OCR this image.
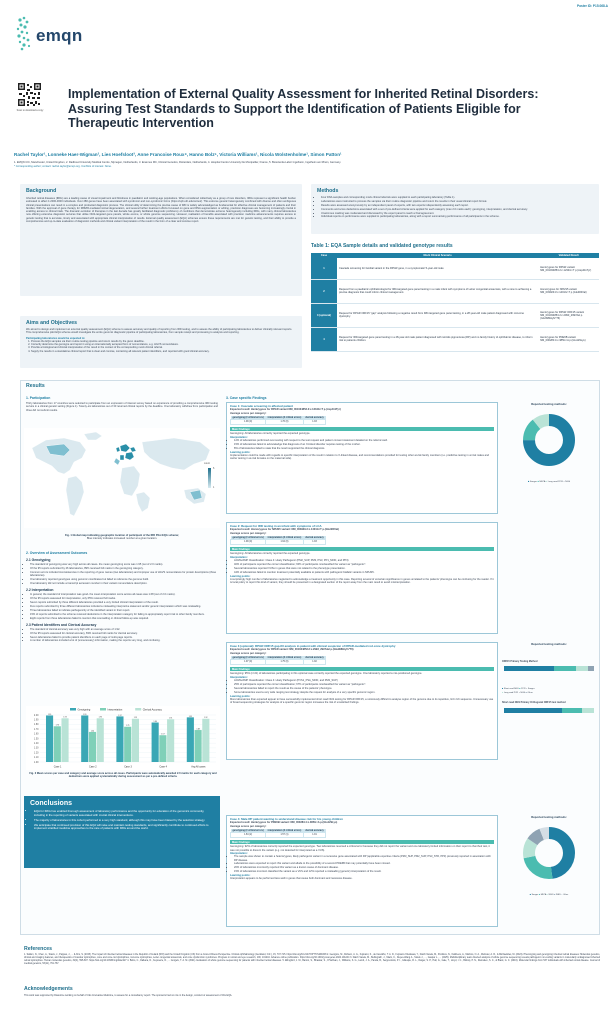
Poster ID: P15.068.A
emqn
Scan to download a copy
Implementation of External Quality Assessment for Inherited Retinal Disorders: Assuring Test Standards to Support the Identification of Patients Eligible for Therapeutic Intervention
Rachel Taylor¹, Lonneke Haer-Wigman², Lies Hoefsloot³, Anne Francoise Roux⁴, Hanno Bolz⁵, Victoria Williams¹, Nicola Wolstenholme¹, Simon Patton¹
1. EMQN CIC, Manchester, United Kingdom, 2. Radboud University Medical Centre, Nijmegen, Netherlands, 3. Erasmus MC, Clinical Genetics, Rotterdam, Netherlands, 4. Hospital Centre University De Montpellier, France, 5. Bioscientia Labor Ingelheim, Ingelheim am Rhein, Germany.
* Corresponding author; contact: rachel.taylor@emqn.org. Conflicts of interest: None.
Background
Inherited retinal diseases (IRDs) are a leading cause of visual impairment and blindness in paediatric and working-age populations. When considered collectively as a group of rare disorders, IRDs represent a significant health burden estimated to affect 1:2000-3000 individuals. Over 280 genes have been associated with syndromic and non-syndromic forms (https://sph.uth.edu/retnet/). This extreme genetic heterogeneity combined with diverse and often ambiguous clinical presentations can result in a complex and protracted diagnostic process. The clinical utility of determining the precise cause of IRD is widely acknowledged as fundamental for effective clinical management of patients and their families. With the approval of gene therapy for RPE65-mediated retinal degeneration, and several further treatment efforts focussed on gene and RNA augmentation or editing, precision diagnoses are becoming increasingly crucial in enabling access to clinical trials. The dramatic evolution of therapies in the last decade has greatly facilitated diagnostic proficiency of conditions that demonstrate extreme heterogeneity including IRDs, with many clinical laboratories now offering extensive diagnostic services that utilise NGS-targeted gene panels, whole exome, or whole genome sequencing. However, realisation of benefits associated with precision medicine advancements requires access to genetic testing that is accurate, timely and associated with appropriate clinical interpretation of results. External quality assessment (EQA) schemes ensure these requirements are met for genetic testing, and their ability to provide a comprehensive and up-to-date evaluation of diagnostic methods and clinical variant interpretation of the result in the form of a clear and concise report.
Aims and Objectives
We aimed to design and implement an external quality assessment (EQA) scheme to assess accuracy and quality of reporting from IRD testing, and to assess the ability of participating laboratories to deliver clinically relevant reports. This comprehensive pilot EQA scheme would investigate the entire genomic diagnostic pipeline of participating laboratories, from sample receipt and processing to analysis and reporting.
Participating laboratories would be expected to:
1. Process the EQA samples via their routine testing pipeline and return results by the given deadline.
2. Correctly determine the genotype and report it using an internationally accepted form of nomenclature, e.g. HGVS nomenclature.
3. Provide a biological and clinical interpretation of the result in the context of the corresponding mock clinical referral.
4. Supply the results in a standalone clinical report that is clear and concise, containing all relevant patient identifiers, and reported with good clinical accuracy.
Methods
• Four DNA samples and corresponding mock clinical referrals were supplied to each participating laboratory (Table 1).
• Laboratories were instructed to process the samples via their routine diagnostic pipeline and return the results in their usual clinical report format.
• Results were assessed anonymously by an independent panel of experts, with two experts independently assessing each report.
• Comments and score deductions associated with a set of pre-defined criteria were applied for each category (max 2.0 marks each): genotyping, interpretation, and clerical accuracy.
• Unanimous marking was moderated and discussed by the expert panel to reach a final agreement.
• Individual reports on performance were supplied to participating laboratories, along with a report summarising performance of all participants in the scheme.
Table 1: EQA Sample details and validated genotype results
Case	Mock Clinical Scenario	Validated Result
1	Cascade screening for familial variant in the RPGR gene, in a symptomatic 5-year-old male	Hemizygous for RPGR variant
NM_001034853.2:c.1234G>T p.(Asp411Tyr)
2	Request from a paediatric ophthalmologist for IRD-targeted gene panel testing in a male infant with symptoms of Leber congenital amaurosis, with a view to achieving a precise diagnosis that could inform clinical management.	Homozygous for NPHS5 variant
NM_003929.3:c.1401G>T p.(Glu484Val)
3 (optional)	Request for RPGR ORF15 "gap" analysis following a negative result from IRD-targeted gene panel testing, in a 28-year-old male patient diagnosed with rod-cone dystrophy.	Hemizygous for RPGR ORF15 variant
NM_001034853.2:c.2993_2997del p.(Glu998Glyfs*76)
4	Request for IRD-targeted gene panel testing in a 48-year-old male patient diagnosed with retinitis pigmentosa (RP) and no family history of ophthalmic disease, to inform risk to patients children.	Hemizygous for PDE6B variant
NM_000283.4:c.385G>A p.(Glu129Lys)
Results
1. Participation
Thirty laboratories from 17 countries were selected to participate from an expression of interest survey based on experience of providing a comprehensive IRD testing service in a clinical genetic setting (Figure 1). Twenty-six laboratories out of 30 returned clinical reports by the deadline. One laboratory withdrew from participation and three did not submit results.
count
6
1
Fig. 1 Global map indicating geographic location of participant of the IRD Pilot EQA scheme;
Blue intensity indicates increased number at a given location.
2. Overview of Assessment Outcomes
2.1 Genotyping
• The standard of genotyping was very high across all cases- the mean genotyping score was 1.95 (out of 2.0 marks).
• Of the 95 reports submitted by 26 laboratories, 89% received full marks in the genotyping category.
• Common errors included inconsistencies in the reporting of gene names (two laboratories) and improper use of HGVS nomenclature for protein descriptions (three laboratories).
• One laboratory reported genotypes using genomic coordinates but failed to reference the genome build.
• One laboratory did not include a transcript accession number in their variant nomenclature description.
2.2 Interpretation
• In general, the standard of interpretation was good- the mean interpretation score across all cases was 1.68 (out of 2.0 marks).
• Of the 95 reports assessed for interpretation, only 65% received full marks.
• Seven reports submitted by three different laboratories provided a very limited clinical interpretation of the result.
• Five reports submitted by three different laboratories included a misleading interpretive statement and/or generic interpretation which was misleading.
• Three laboratories failed to indicate pathogenicity of the identified variant in their report.
• 15% of reports submitted to the scheme received deductions in the interpretation category for failing to appropriately report risk to other family members.
• Eight reports from three laboratories failed to mention that counselling or clinical follow-up was required.
2.3 Patient Identifiers and Clerical Accuracy
• The standard of clerical accuracy was very high with an average score of 1.92.
• Of the 95 reports assessed for clerical accuracy, 83% received full marks for clerical accuracy.
• Seven laboratories failed to provide patient identifiers on each page of multi-page reports.
• A number of laboratories included a lot of (unnecessary) information, making the reports very long, and confusing.
2.00
1.90
1.80
1.70
1.60
1.50
1.40
1.30
1.20
1.10
1.00
Genotyping	Interpretation	Clerical Accuracy
1.99
1.76
1.93
Case 1
1.99
1.64
1.93
Case 2
1.97
1.75
1.92
Case 3
1.84
1.57
1.91
Case 4
1.95
1.68
1.92
Avg All cases
Fig. 2 Mean scores per case and category and average score across all cases. Participants were automatically awarded 2.0 marks for each category and deductions were applied systematically during assessment as per a pre-defined criteria.
Conclusions
• EQA for IRDs has enabled thorough assessment of laboratory performance and the opportunity for education of the genomics community, including in the reporting of variants associated with crucial clinical interventions.
• The majority of laboratories in this cohort performed to a very high standard, although this may have been biased by the selection strategy.
• We anticipate that continued provision of this EQA will raise and maintain testing standards, and significantly contribute to continued efforts to implement stratified medicine approaches to the care of patients with IRDs around the world.
3. Case specific Findings
Case 1: Cascade screening in affected patient
Expected result: Hemizygous for RPGR variant NM_001034853.2:c.1234G>T p.(Asp411Tyr)
Average scores per category:
genotyping (# critical errors)	interpretation (# critical errors)	clerical accuracy
1.99 (0)	1.76 (0)	1.93
Main Findings:
Genotyping: All laboratories correctly reported the expected genotype.
Interpretation:
• 12% of laboratories performed over-testing with respect to the test request and patient consent statement detailed on the referral card.
• 15% of laboratories failed to acknowledge that diagnosis of an X-linked disorder requires testing of the mother.
• 8% of laboratories failed to state that the result supported the clinical diagnosis.
Learning points:
Implementation could be made with regards to specific interpretation of the result in relation to X-linked disease, and recommendations provided for testing other at-risk family members (i.e. predictive testing in at risk males and carrier testing in at-risk females on the maternal side).
Reported testing methods:
■ Sanger ■ MLPA ■ Long read PCR + NGS
Case 2: Request for IRD testing in an infant with symptoms of LCA
Expected result: Homozygous for NPHS5 variant: NM_003929.3:c.1401G>T p.(Glu484Val)
Average scores per category:
genotyping (# critical errors)	interpretation (# critical errors)	clerical accuracy
1.99 (0)	1.64 (0)	1.93
Main Findings:
Genotyping: All laboratories correctly reported the expected genotype.
Interpretation:
• ACMG/AMP Classification: Class 4: Likely Pathogenic (PM2_SUP, PM3, PS3, PP1_MOD, and PP3)
• 40% of participants reported the correct classification; 60% of participants misclassified the variant as "pathogenic".
• Several laboratories reported VUSs in genes that were not related to the phenotype presentation.
• 44% of laboratories failed to mention treatment potentially available to patients with pathogenic biallelic variants in NPHS5.
Learning points:
A surprisingly high number of laboratories neglected to acknowledge a treatment opportunity in this case. Reporting several of uncertain significance in genes unrelated to the patients' phenotype can be confusing for the reader. If it is local policy to report this kind of variant, they should be presented in a designated section of the report away from the main result to avoid misinterpretation.
Case 3 (optional): RPGR ORF15 gap-fill analysis in patient with clinical suspicion of RPGR-mediated rod-cone dystrophy
Expected result: Hemizygous for RPGR variant: NM_001034853.2:c.2993_2997del p.(Glu998Glyfs*76)
Average scores per category:
genotyping (# critical errors)	interpretation (# critical errors)	clerical accuracy
1.97 (0)	1.75 (0)	1.92
Main Findings:
Genotyping: 95% (n=21) of laboratories participating in this optional case correctly reported the expected genotype. One laboratory reported a mis-positioned genotype.
Interpretation:
• ACMG/AMP Classification: Class 4: Likely Pathogenic (PVS1_PSA_MOD, and PM2_SUP)
• 25% of participants reported the correct classification; 67% of participants misclassified the variant as "pathogenic".
• Several laboratories failed to report the result as the cause of the patients' phenotype.
• Some laboratories used a very wide ranging test strategy despite the request for analysis of a very specific genomic region.
Learning points:
More laboratories than expected appear to have successfully implemented short read NGS testing for RPGR ORF15, a notoriously difficult to analyse region of the genome due to its repetitive, G/C rich sequence. Unnecessary use of broad sequencing strategies for analysis of a specific genomic region increases the risk of unsolicited findings.
Reported testing methods:
ORF15 Primary Testing Method
■ Short read NGS ■ PCR + Sanger
■ Long read PCR + NGS ■ Other
Short-read NGS Primary Orthogonal ORF15 test method
Case 4: Male RP patient wanting to understand disease risk for his young children
Expected result: Hemizygous for PDE6B variant: NM_000283.4:c.385G>A p.(Glu129Lys)
Average scores per category:
genotyping (# critical errors)	interpretation (# critical errors)	clerical accuracy
1.84 (2)	1.57 (1)	1.91
Main Findings:
Genotyping: 92% of laboratories correctly reported the expected genotype. Two laboratories reversed a critical error because they did not report the variant and one laboratory limited information on their report to that their test, it was not possible to discern the variant (e.g. not detected for interpreted as a VUS).
Interpretation:
• The sample was shown to contain a heterozygous, likely pathogenic variant in a recessive gene associated with RP (applicable expertise criteria (PM3_SUP, PM2_SUP, PS3_STR, PP3) previously reported in association with RP disease.
• Laboratories were expected to report this variant and allude to the possibility of a second PDE6B that may potentially have been missed.
• 20% of laboratories incorrectly reported this variant as a known cause of dominant disease.
• 15% of laboratories incorrect classified the variant as a VUS and 12% reported a misleading (generic) interpretation of the result.
Learning points:
Interpretation appears to be performed less well in genes that cause both dominant and recessive disease.
Reported testing methods:
■ Sanger ■ MLPA ■ WGS ■ WES ■ Other
References
1. Sallum, N., Chen, A., Stavis, J., Pappas, J., ... & Kirs, S. (2015). The impact of inherited retinal diseases in the Republic of Ireland (ROI) and the United Kingdom (UK) from a Cost-of-Illness Perspective. Clinical ophthalmology (Auckland, N.Z.), 15, 707-715. https://doi.org/10.2147/OPTH.S291608 2. Georgiou, M., Robson, A. G., Fujinami, K., de Carvalho, T. A. D., Fujinami-Yokokawa, Y., Daich Varela, M., Pontikos, N., Kalitzeos, A., Mahroo, O. A., Webster, A. R., & Michaelides, M. (2024). Phenotyping and genotyping inherited retinal diseases: Molecular genetics, clinical and imaging features, and therapeutics of macular dystrophies, cone and cone-rod dystrophies, rod-cone dystrophies, Leber congenital amaurosis, and cone dysfunction syndromes. Progress in retinal and eye research, 100, 101244. Advance online publication. https://doi.org/10.1016/j.preteyeres.2024.101244 3. Daich Varela, M., Bellingrath, J., Mack, C., Reyes-Wang A., Stavis J., ..., Gaspar L., ... (2025). Multidisciplinary team directed analysis of whole genome sequencing reveals pathogenic non-coding variants in molecularly undiagnosed inherited retinal dystrophies. Human molecular genetics, 32(4), 595-607. https://doi.org/10.1093/hmg/ddac227 4. Botto, C., Dalkara, D., Keysserie, D., ... Gorgels, T. A. M. (2021). Evaluation of whole genome sequencing for patients with inherited retinal diseases. 5. Ellingford, J. M., Barton, S., Bhaskar, S., O'Sullivan, J., Williams, S. G., Lamb, J. A., Panda, B., Sergouniotis, P. I., Gillespie, R. L., Daiger, S. P., Hall, G., Gale, T., Lloyd, I. C., Bishop, P. N., Ramsden, S. C., & Black, G. C. (2016). Molecular findings from 537 individuals with inherited retinal disease. Journal of medical genetics, 53(11), 761-767.
Acknowledgements
This work was supported by Diasorine working on behalf of Uko Innovative Medicine, to assess for a consultancy report. The sponsors had no role in the design, conduct or assessment of this EQA.
